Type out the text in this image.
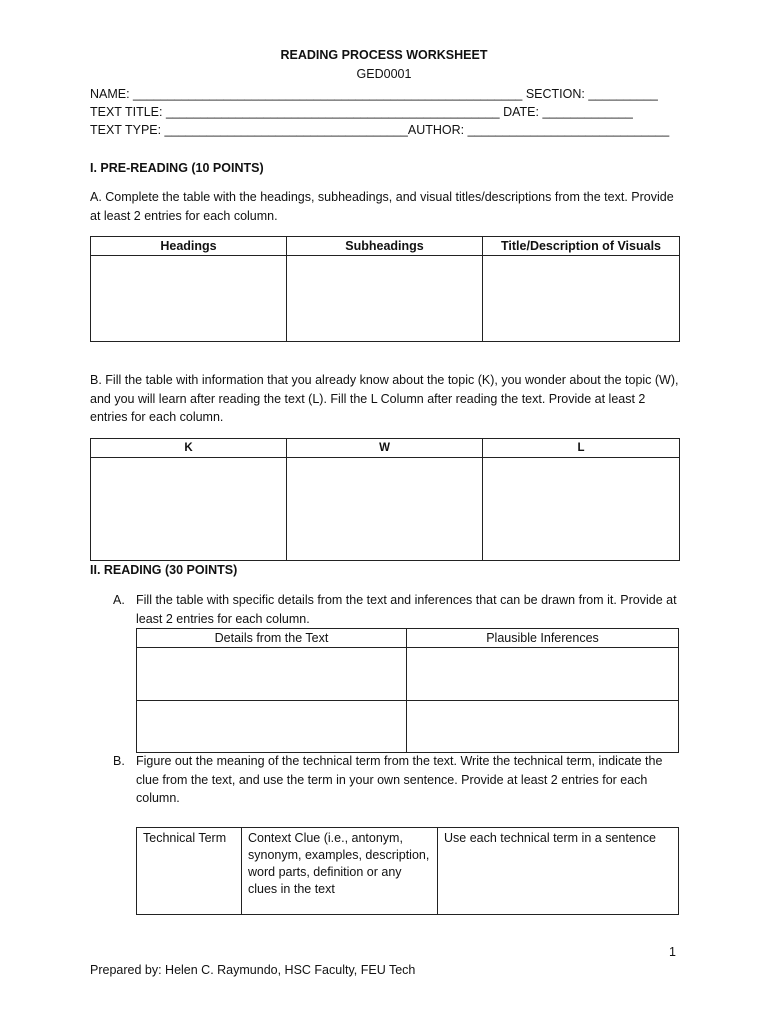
READING PROCESS WORKSHEET
GED0001
NAME: ________________________________________________________ SECTION: __________
TEXT TITLE: ________________________________________________ DATE: _____________
TEXT TYPE: ___________________________________AUTHOR: _____________________________
I. PRE-READING (10 POINTS)
A. Complete the table with the headings, subheadings, and visual titles/descriptions from the text. Provide at least 2 entries for each column.
Headings	Subheadings	Title/Description of Visuals

B. Fill the table with information that you already know about the topic (K), you wonder about the topic (W), and you will learn after reading the text (L). Fill the L Column after reading the text. Provide at least 2 entries for each column.
K	W	L

II. READING (30 POINTS)
A. Fill the table with specific details from the text and inferences that can be drawn from it. Provide at least 2 entries for each column.
Details from the Text	Plausible Inferences

B. Figure out the meaning of the technical term from the text. Write the technical term, indicate the clue from the text, and use the term in your own sentence. Provide at least 2 entries for each column.
Technical Term	Context Clue (i.e., antonym, synonym, examples, description, word parts, definition or any clues in the text	Use each technical term in a sentence
1
Prepared by: Helen C. Raymundo, HSC Faculty, FEU Tech
